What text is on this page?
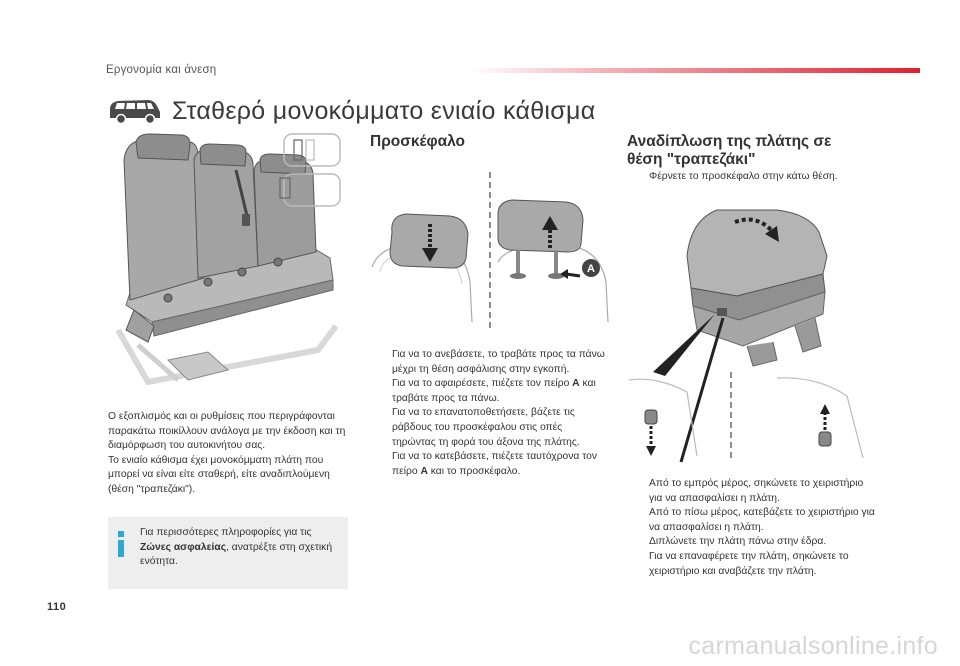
Εργονομία και άνεση
Σταθερό μονοκόμματο ενιαίο κάθισμα

Ο εξοπλισμός και οι ρυθμίσεις που περιγράφονται παρακάτω ποικίλλουν ανάλογα με την έκδοση και τη διαμόρφωση του αυτοκινήτου σας.

Το ενιαίο κάθισμα έχει μονοκόμματη πλάτη που μπορεί να είναι είτε σταθερή, είτε αναδιπλούμενη (θέση "τραπεζάκι").

Για περισσότερες πληροφορίες για τις Ζώνες ασφαλείας, ανατρέξτε στη σχετική ενότητα.
Προσκέφαλο
A
Για να το ανεβάσετε, το τραβάτε προς τα πάνω μέχρι τη θέση ασφάλισης στην εγκοπή.
Για να το αφαιρέσετε, πιέζετε τον πείρο A και τραβάτε προς τα πάνω.
Για να το επανατοποθετήσετε, βάζετε τις ράβδους του προσκέφαλου στις οπές τηρώντας τη φορά του άξονα της πλάτης.
Για να το κατεβάσετε, πιέζετε ταυτόχρονα τον πείρο A και το προσκέφαλο.
Αναδίπλωση της πλάτης σε
θέση "τραπεζάκι"
Φέρνετε το προσκέφαλο στην κάτω θέση.
Από το εμπρός μέρος, σηκώνετε το χειριστήριο για να απασφαλίσει η πλάτη.
Από το πίσω μέρος, κατεβάζετε το χειριστήριο για να απασφαλίσει η πλάτη.
Διπλώνετε την πλάτη πάνω στην έδρα.
Για να επαναφέρετε την πλάτη, σηκώνετε το χειριστήριο και αναβάζετε την πλάτη.
110
carmanualsonline.info
